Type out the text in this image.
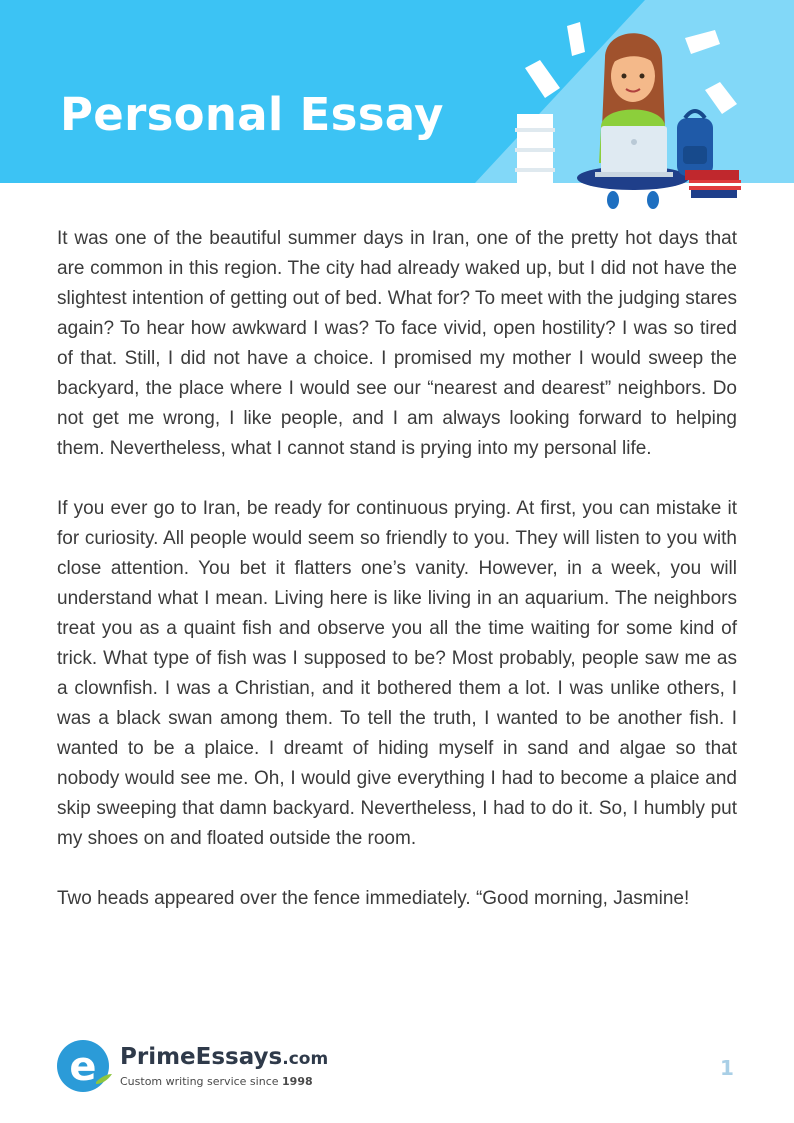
Personal Essay

It was one of the beautiful summer days in Iran, one of the pretty hot days that are common in this region. The city had already waked up, but I did not have the slightest intention of getting out of bed. What for? To meet with the judging stares again? To hear how awkward I was? To face vivid, open hostility? I was so tired of that. Still, I did not have a choice. I promised my mother I would sweep the backyard, the place where I would see our “nearest and dearest” neighbors. Do not get me wrong, I like people, and I am always looking forward to helping them. Nevertheless, what I cannot stand is prying into my personal life.

If you ever go to Iran, be ready for continuous prying. At first, you can mistake it for curiosity. All people would seem so friendly to you. They will listen to you with close attention. You bet it flatters one’s vanity. However, in a week, you will understand what I mean. Living here is like living in an aquarium. The neighbors treat you as a quaint fish and observe you all the time waiting for some kind of trick. What type of fish was I supposed to be? Most probably, people saw me as a clownfish. I was a Christian, and it bothered them a lot. I was unlike others, I was a black swan among them. To tell the truth, I wanted to be another fish. I wanted to be a plaice. I dreamt of hiding myself in sand and algae so that nobody would see me. Oh, I would give everything I had to become a plaice and skip sweeping that damn backyard. Nevertheless, I had to do it. So, I humbly put my shoes on and floated outside the room.

Two heads appeared over the fence immediately. “Good morning, Jasmine!

e PrimeEssays.com
Custom writing service since 1998
1
